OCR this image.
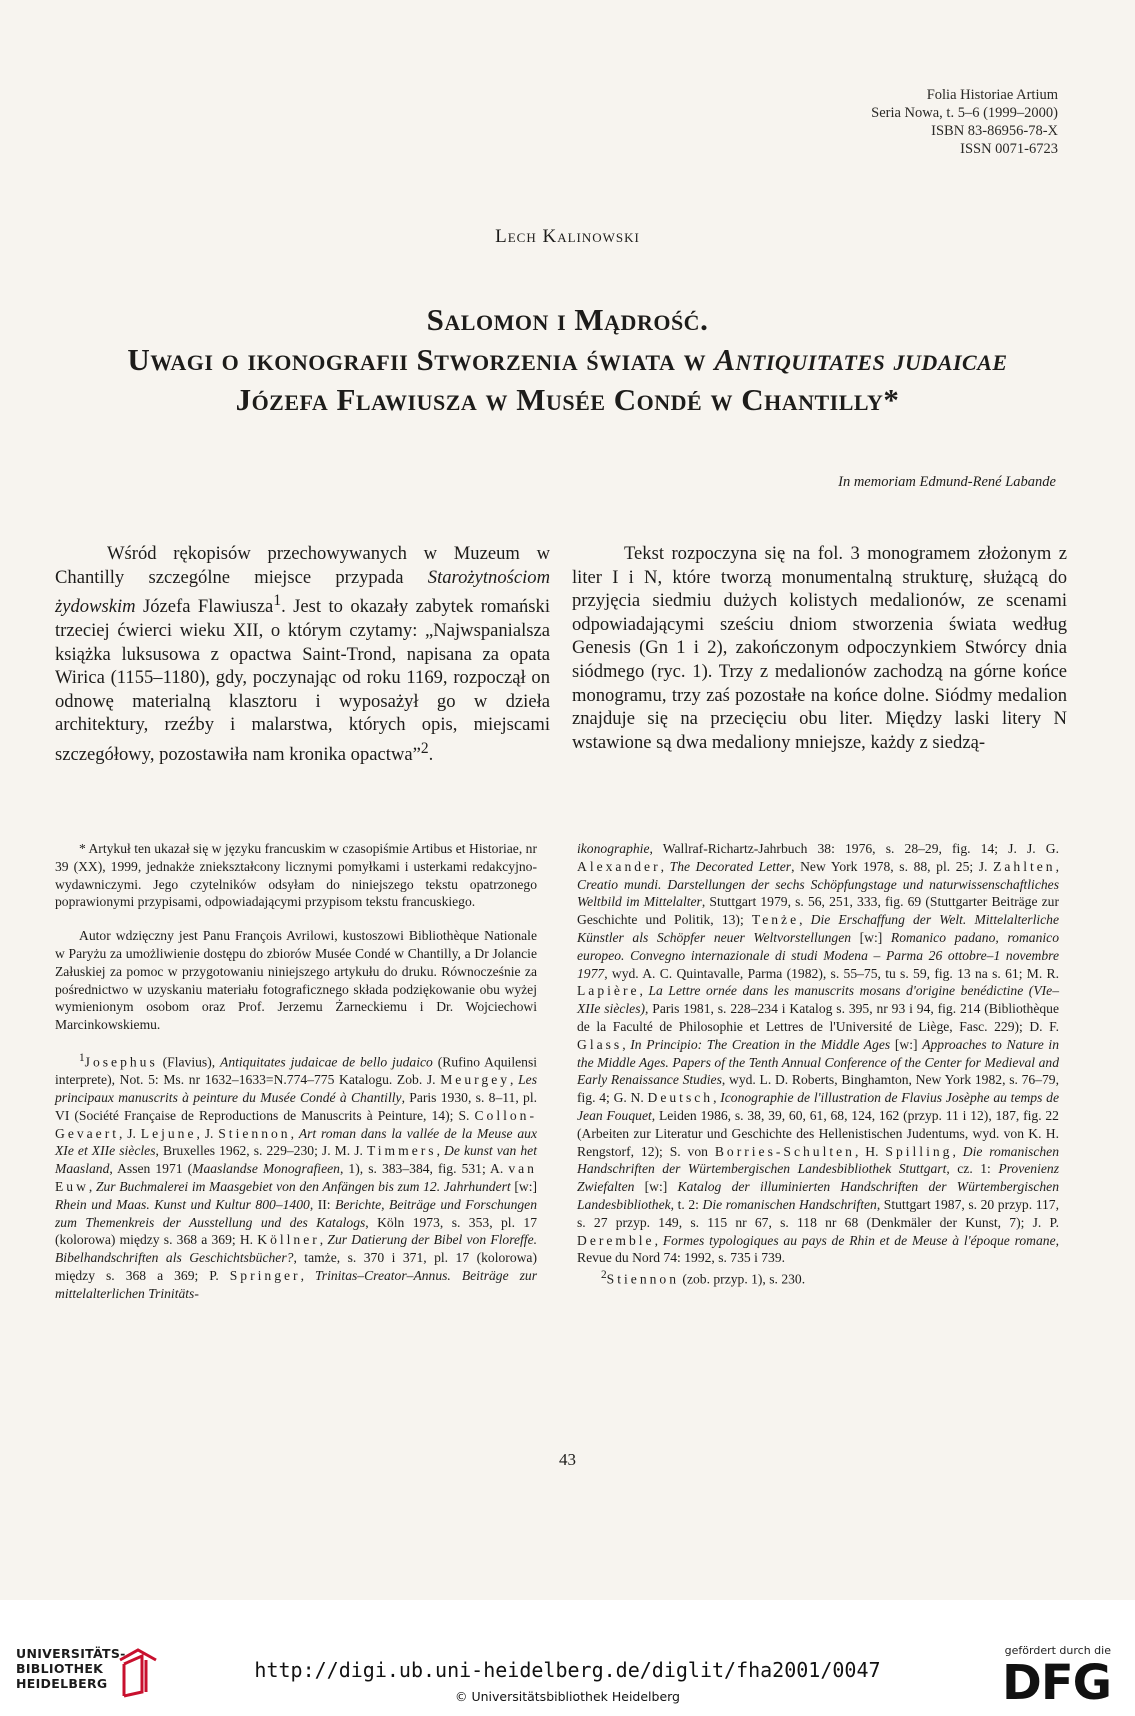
Folia Historiae Artium
Seria Nowa, t. 5–6 (1999–2000)
ISBN 83-86956-78-X
ISSN 0071-6723
Lech Kalinowski
Salomon i Mądrość.
Uwagi o ikonografii Stworzenia świata w Antiquitates judaicae
Józefa Flawiusza w Musée Condé w Chantilly*
In memoriam Edmund-René Labande

Wśród rękopisów przechowywanych w Muzeum w Chantilly szczególne miejsce przypada Starożytnościom żydowskim Józefa Flawiusza$^1$. Jest to okazały zabytek romański trzeciej ćwierci wieku XII, o którym czytamy: „Najwspanialsza książka luksusowa z opactwa Saint-Trond, napisana za opata Wirica (1155–1180), gdy, poczynając od roku 1169, rozpoczął on odnowę materialną klasztoru i wyposażył go w dzieła architektury, rzeźby i malarstwa, których opis, miejscami szczegółowy, pozostawiła nam kronika opactwa”$^2$.

Tekst rozpoczyna się na fol. 3 monogramem złożonym z liter I i N, które tworzą monumentalną strukturę, służącą do przyjęcia siedmiu dużych kolistych medalionów, ze scenami odpowiadającymi sześciu dniom stworzenia świata według Genesis (Gn 1 i 2), zakończonym odpoczynkiem Stwórcy dnia siódmego (ryc. 1). Trzy z medalionów zachodzą na górne końce monogramu, trzy zaś pozostałe na końce dolne. Siódmy medalion znajduje się na przecięciu obu liter. Między laski litery N wstawione są dwa medaliony mniejsze, każdy z siedzą-

* Artykuł ten ukazał się w języku francuskim w czasopiśmie Artibus et Historiae, nr 39 (XX), 1999, jednakże zniekształcony licznymi pomyłkami i usterkami redakcyjno-wydawniczymi. Jego czytelników odsyłam do niniejszego tekstu opatrzonego poprawionymi przypisami, odpowiadającymi przypisom tekstu francuskiego.

Autor wdzięczny jest Panu François Avrilowi, kustoszowi Bibliothèque Nationale w Paryżu za umożliwienie dostępu do zbiorów Musée Condé w Chantilly, a Dr Jolancie Załuskiej za pomoc w przygotowaniu niniejszego artykułu do druku. Równocześnie za pośrednictwo w uzyskaniu materiału fotograficznego składa podziękowanie obu wyżej wymienionym osobom oraz Prof. Jerzemu Żarneckiemu i Dr. Wojciechowi Marcinkowskiemu.

$^1$Josephus (Flavius), Antiquitates judaicae de bello judaico (Rufino Aquilensi interprete), Not. 5: Ms. nr 1632–1633=N.774–775 Katalogu. Zob. J. Meurgey, Les principaux manuscrits à peinture du Musée Condé à Chantilly, Paris 1930, s. 8–11, pl. VI (Société Française de Reproductions de Manuscrits à Peinture, 14); S. Collon-Gevaert, J. Lejune, J. Stiennon, Art roman dans la vallée de la Meuse aux XIe et XIIe siècles, Bruxelles 1962, s. 229–230; J. M. J. Timmers, De kunst van het Maasland, Assen 1971 (Maaslandse Monografieen, 1), s. 383–384, fig. 531; A. van Euw, Zur Buchmalerei im Maasgebiet von den Anfängen bis zum 12. Jahrhundert [w:] Rhein und Maas. Kunst und Kultur 800–1400, II: Berichte, Beiträge und Forschungen zum Themenkreis der Ausstellung und des Katalogs, Köln 1973, s. 353, pl. 17 (kolorowa) między s. 368 a 369; H. Köllner, Zur Datierung der Bibel von Floreffe. Bibelhandschriften als Geschichtsbücher?, tamże, s. 370 i 371, pl. 17 (kolorowa) między s. 368 a 369; P. Springer, Trinitas–Creator–Annus. Beiträge zur mittelalterlichen Trinitäts-

ikonographie, Wallraf-Richartz-Jahrbuch 38: 1976, s. 28–29, fig. 14; J. J. G. Alexander, The Decorated Letter, New York 1978, s. 88, pl. 25; J. Zahlten, Creatio mundi. Darstellungen der sechs Schöpfungstage und naturwissenschaftliches Weltbild im Mittelalter, Stuttgart 1979, s. 56, 251, 333, fig. 69 (Stuttgarter Beiträge zur Geschichte und Politik, 13); Tenże, Die Erschaffung der Welt. Mittelalterliche Künstler als Schöpfer neuer Weltvorstellungen [w:] Romanico padano, romanico europeo. Convegno internazionale di studi Modena – Parma 26 ottobre–1 novembre 1977, wyd. A. C. Quintavalle, Parma (1982), s. 55–75, tu s. 59, fig. 13 na s. 61; M. R. Lapière, La Lettre ornée dans les manuscrits mosans d'origine benédictine (VIe–XIIe siècles), Paris 1981, s. 228–234 i Katalog s. 395, nr 93 i 94, fig. 214 (Bibliothèque de la Faculté de Philosophie et Lettres de l'Université de Liège, Fasc. 229); D. F. Glass, In Principio: The Creation in the Middle Ages [w:] Approaches to Nature in the Middle Ages. Papers of the Tenth Annual Conference of the Center for Medieval and Early Renaissance Studies, wyd. L. D. Roberts, Binghamton, New York 1982, s. 76–79, fig. 4; G. N. Deutsch, Iconographie de l'illustration de Flavius Josèphe au temps de Jean Fouquet, Leiden 1986, s. 38, 39, 60, 61, 68, 124, 162 (przyp. 11 i 12), 187, fig. 22 (Arbeiten zur Literatur und Geschichte des Hellenistischen Judentums, wyd. von K. H. Rengstorf, 12); S. von Borries-Schulten, H. Spilling, Die romanischen Handschriften der Würtembergischen Landesbibliothek Stuttgart, cz. 1: Provenienz Zwiefalten [w:] Katalog der illuminierten Handschriften der Würtembergischen Landesbibliothek, t. 2: Die romanischen Handschriften, Stuttgart 1987, s. 20 przyp. 117, s. 27 przyp. 149, s. 115 nr 67, s. 118 nr 68 (Denkmäler der Kunst, 7); J. P. Deremble, Formes typologiques au pays de Rhin et de Meuse à l'époque romane, Revue du Nord 74: 1992, s. 735 i 739.

$^2$Stiennon (zob. przyp. 1), s. 230.

43
UNIVERSITÄTS-
BIBLIOTHEK
HEIDELBERG
http://digi.ub.uni-heidelberg.de/diglit/fha2001/0047
© Universitätsbibliothek Heidelberg
gefördert durch die
DFG
